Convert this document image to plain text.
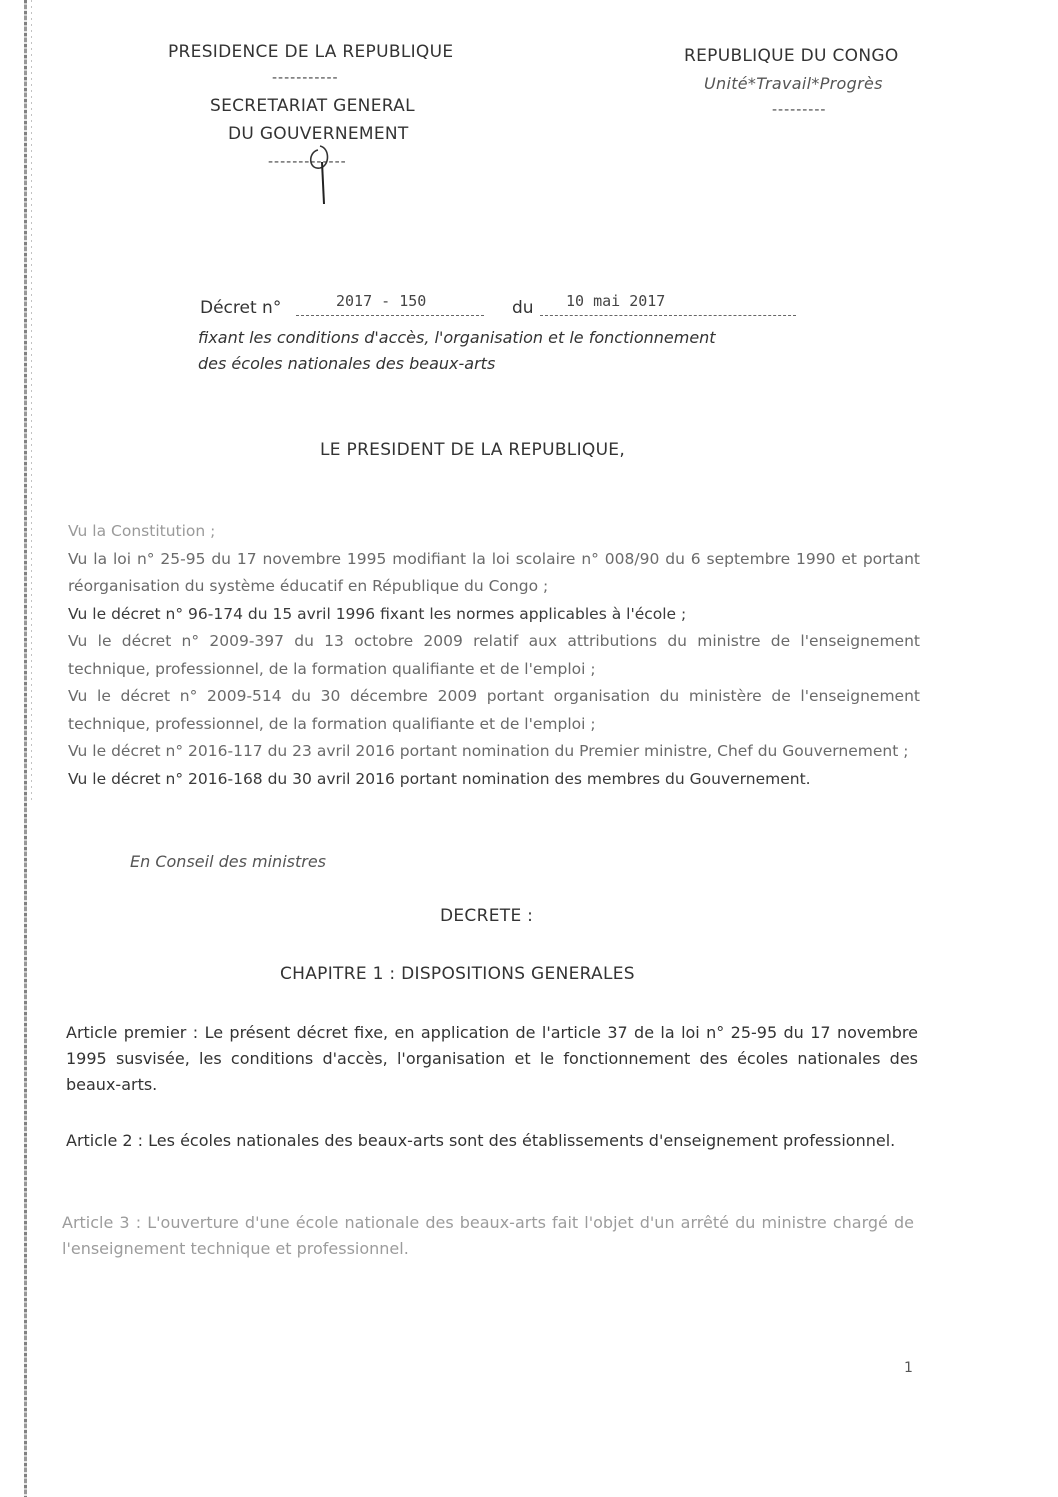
PRESIDENCE DE LA REPUBLIQUE
-----------
SECRETARIAT GENERAL
DU GOUVERNEMENT
-------------
REPUBLIQUE DU CONGO
Unité*Travail*Progrès
---------
Décret n°	2017 - 150	du 10 mai 2017
fixant les conditions d'accès, l'organisation et le fonctionnement
des écoles nationales des beaux-arts
LE PRESIDENT DE LA REPUBLIQUE,

Vu la Constitution ;

Vu la loi n° 25-95 du 17 novembre 1995 modifiant la loi scolaire n° 008/90 du 6 septembre 1990 et portant réorganisation du système éducatif en République du Congo ;

Vu le décret n° 96-174 du 15 avril 1996 fixant les normes applicables à l'école ;

Vu le décret n° 2009-397 du 13 octobre 2009 relatif aux attributions du ministre de l'enseignement technique, professionnel, de la formation qualifiante et de l'emploi ;

Vu le décret n° 2009-514 du 30 décembre 2009 portant organisation du ministère de l'enseignement technique, professionnel, de la formation qualifiante et de l'emploi ;

Vu le décret n° 2016-117 du 23 avril 2016 portant nomination du Premier ministre, Chef du Gouvernement ;

Vu le décret n° 2016-168 du 30 avril 2016 portant nomination des membres du Gouvernement.

En Conseil des ministres
DECRETE :
CHAPITRE 1 : DISPOSITIONS GENERALES
Article premier : Le présent décret fixe, en application de l'article 37 de la loi n° 25-95 du 17 novembre 1995 susvisée, les conditions d'accès, l'organisation et le fonctionnement des écoles nationales des beaux-arts.
Article 2 : Les écoles nationales des beaux-arts sont des établissements d'enseignement professionnel.
Article 3 : L'ouverture d'une école nationale des beaux-arts fait l'objet d'un arrêté du ministre chargé de l'enseignement technique et professionnel.
1
